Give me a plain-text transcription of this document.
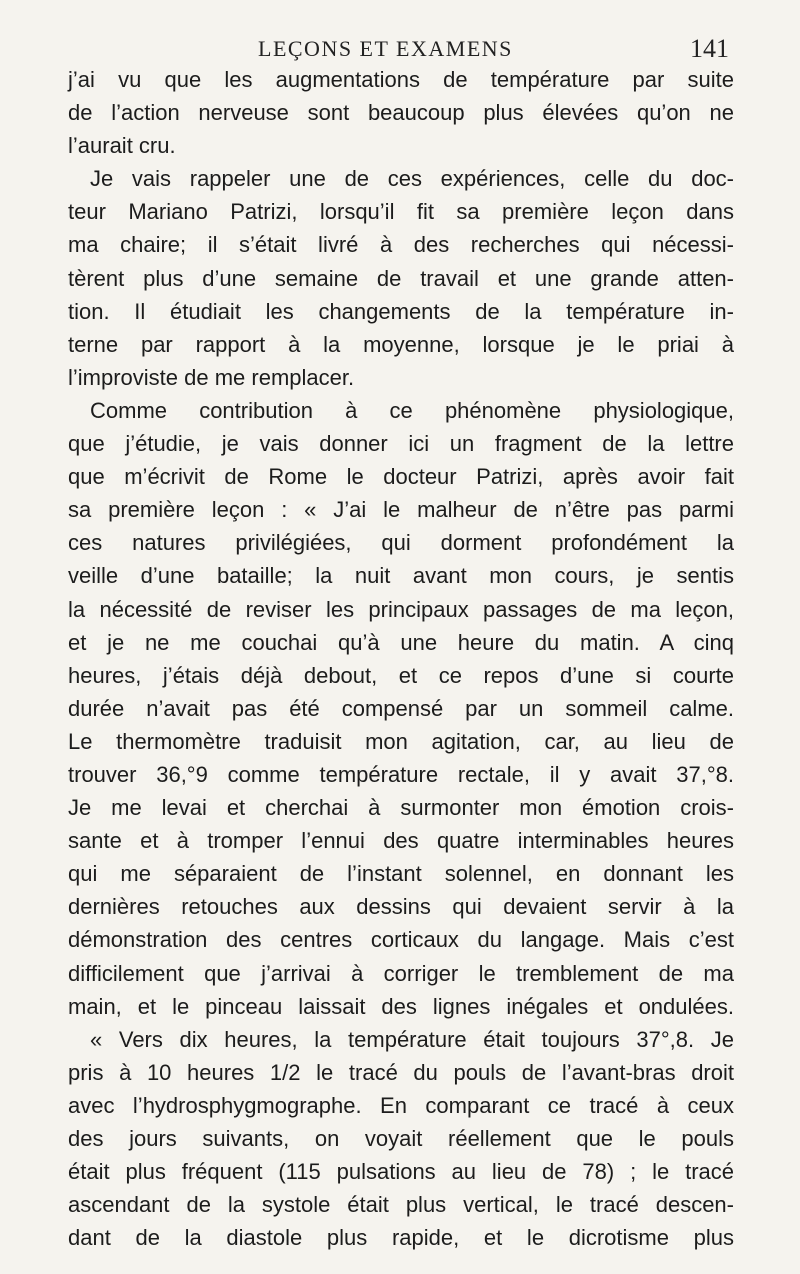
LEÇONS ET EXAMENS	141
j’ai vu que les augmentations de température par suite
de l’action nerveuse sont beaucoup plus élevées qu’on ne
l’aurait cru.
Je vais rappeler une de ces expériences, celle du doc-
teur Mariano Patrizi, lorsqu’il fit sa première leçon dans
ma chaire; il s’était livré à des recherches qui nécessi-
tèrent plus d’une semaine de travail et une grande atten-
tion. Il étudiait les changements de la température in-
terne par rapport à la moyenne, lorsque je le priai à
l’improviste de me remplacer.
Comme contribution à ce phénomène physiologique,
que j’étudie, je vais donner ici un fragment de la lettre
que m’écrivit de Rome le docteur Patrizi, après avoir fait
sa première leçon : « J’ai le malheur de n’être pas parmi
ces natures privilégiées, qui dorment profondément la
veille d’une bataille; la nuit avant mon cours, je sentis
la nécessité de reviser les principaux passages de ma leçon,
et je ne me couchai qu’à une heure du matin. A cinq
heures, j’étais déjà debout, et ce repos d’une si courte
durée n’avait pas été compensé par un sommeil calme.
Le thermomètre traduisit mon agitation, car, au lieu de
trouver 36,°9 comme température rectale, il y avait 37,°8.
Je me levai et cherchai à surmonter mon émotion crois-
sante et à tromper l’ennui des quatre interminables heures
qui me séparaient de l’instant solennel, en donnant les
dernières retouches aux dessins qui devaient servir à la
démonstration des centres corticaux du langage. Mais c’est
difficilement que j’arrivai à corriger le tremblement de ma
main, et le pinceau laissait des lignes inégales et ondulées.
« Vers dix heures, la température était toujours 37°,8. Je
pris à 10 heures 1/2 le tracé du pouls de l’avant-bras droit
avec l’hydrosphygmographe. En comparant ce tracé à ceux
des jours suivants, on voyait réellement que le pouls
était plus fréquent (115 pulsations au lieu de 78) ; le tracé
ascendant de la systole était plus vertical, le tracé descen-
dant de la diastole plus rapide, et le dicrotisme plus
